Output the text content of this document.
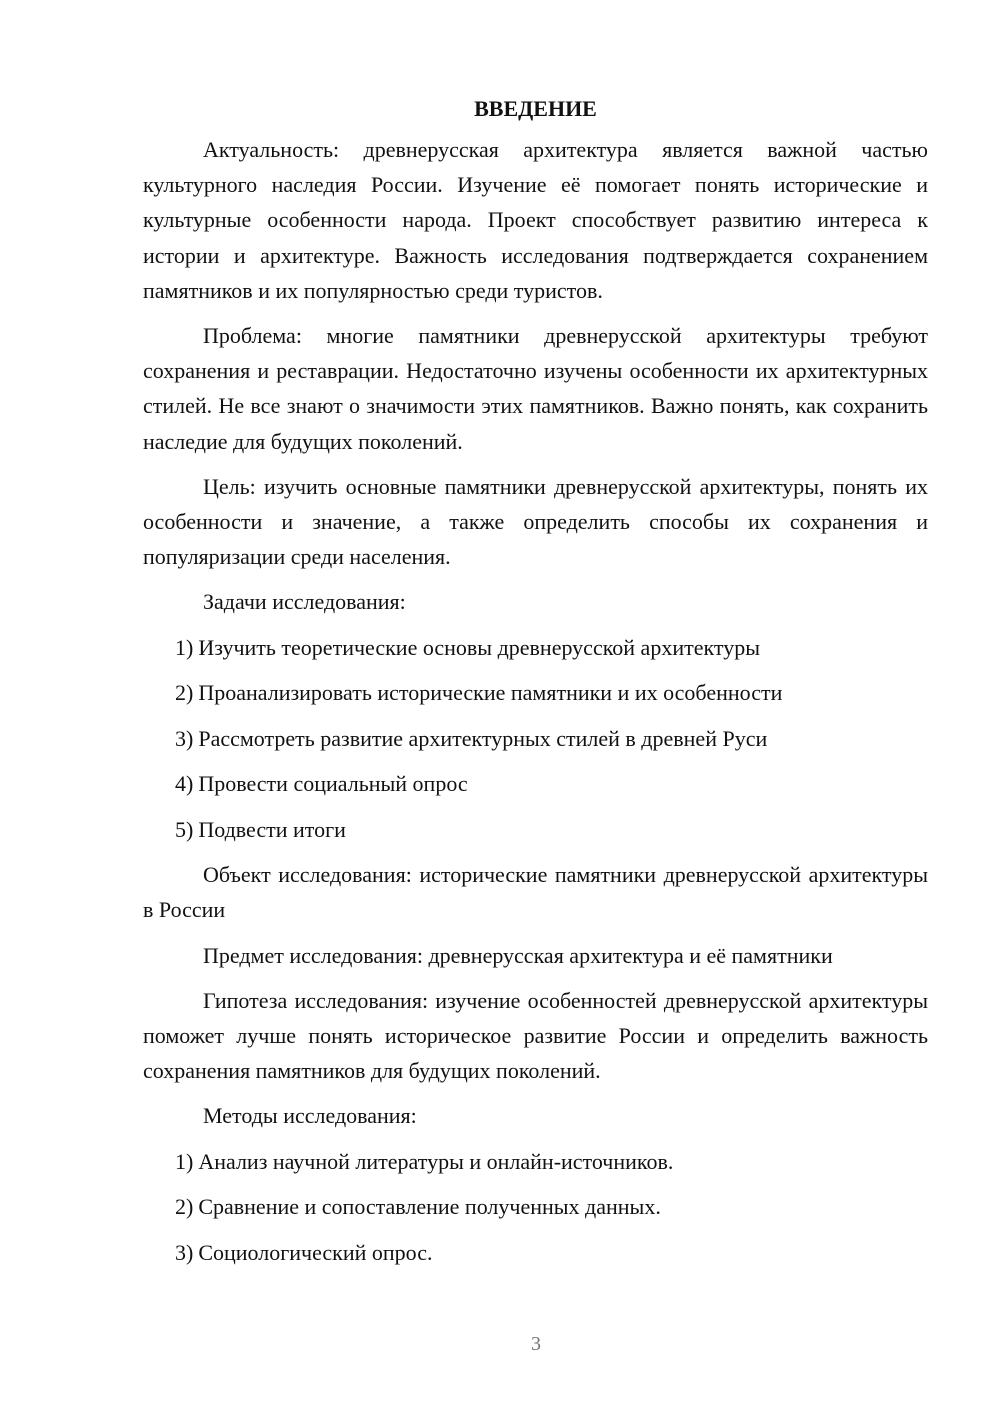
ВВЕДЕНИЕ

Актуальность: древнерусская архитектура является важной частью культурного наследия России. Изучение её помогает понять исторические и культурные особенности народа. Проект способствует развитию интереса к истории и архитектуре. Важность исследования подтверждается сохранением памятников и их популярностью среди туристов.

Проблема: многие памятники древнерусской архитектуры требуют сохранения и реставрации. Недостаточно изучены особенности их архитектурных стилей. Не все знают о значимости этих памятников. Важно понять, как сохранить наследие для будущих поколений.

Цель: изучить основные памятники древнерусской архитектуры, понять их особенности и значение, а также определить способы их сохранения и популяризации среди населения.

Задачи исследования:

1) Изучить теоретические основы древнерусской архитектуры
2) Проанализировать исторические памятники и их особенности
3) Рассмотреть развитие архитектурных стилей в древней Руси
4) Провести социальный опрос
5) Подвести итоги

Объект исследования: исторические памятники древнерусской архитектуры в России

Предмет исследования: древнерусская архитектура и её памятники

Гипотеза исследования: изучение особенностей древнерусской архитектуры поможет лучше понять историческое развитие России и определить важность сохранения памятников для будущих поколений.

Методы исследования:

1) Анализ научной литературы и онлайн-источников.
2) Сравнение и сопоставление полученных данных.
3) Социологический опрос.
3
